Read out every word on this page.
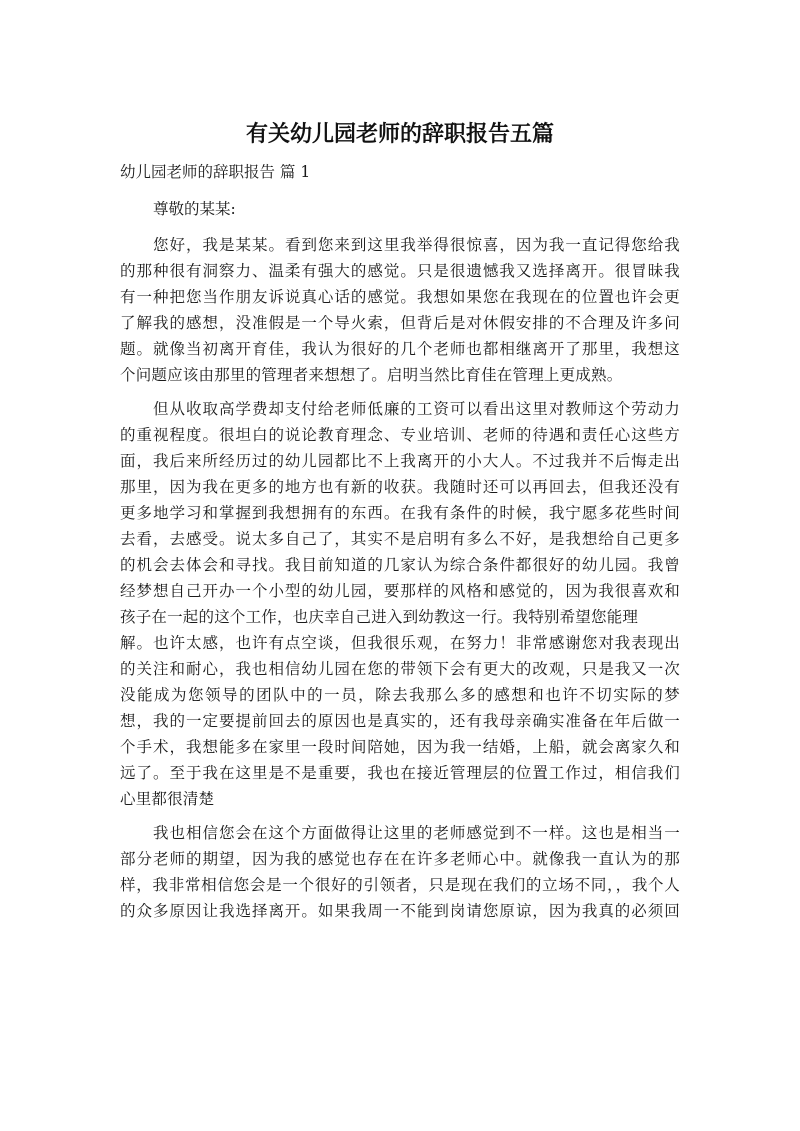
有关幼儿园老师的辞职报告五篇

幼儿园老师的辞职报告 篇 1

尊敬的某某:

您好，我是某某。看到您来到这里我举得很惊喜，因为我一直记得您给我

的那种很有洞察力、温柔有强大的感觉。只是很遗憾我又选择离开。很冒昧我

有一种把您当作朋友诉说真心话的感觉。我想如果您在我现在的位置也许会更

了解我的感想，没准假是一个导火索，但背后是对休假安排的不合理及许多问

题。就像当初离开育佳，我认为很好的几个老师也都相继离开了那里，我想这

个问题应该由那里的管理者来想想了。启明当然比育佳在管理上更成熟。

但从收取高学费却支付给老师低廉的工资可以看出这里对教师这个劳动力

的重视程度。很坦白的说论教育理念、专业培训、老师的待遇和责任心这些方

面，我后来所经历过的幼儿园都比不上我离开的小大人。不过我并不后悔走出

那里，因为我在更多的地方也有新的收获。我随时还可以再回去，但我还没有

更多地学习和掌握到我想拥有的东西。在我有条件的时候，我宁愿多花些时间

去看，去感受。说太多自己了，其实不是启明有多么不好，是我想给自己更多

的机会去体会和寻找。我目前知道的几家认为综合条件都很好的幼儿园。我曾

经梦想自己开办一个小型的幼儿园，要那样的风格和感觉的，因为我很喜欢和

孩子在一起的这个工作，也庆幸自己进入到幼教这一行。我特别希望您能理

解。也许太感，也许有点空谈，但我很乐观，在努力！非常感谢您对我表现出

的关注和耐心，我也相信幼儿园在您的带领下会有更大的改观，只是我又一次

没能成为您领导的团队中的一员，除去我那么多的感想和也许不切实际的梦

想，我的一定要提前回去的原因也是真实的，还有我母亲确实准备在年后做一

个手术，我想能多在家里一段时间陪她，因为我一结婚，上船，就会离家久和

远了。至于我在这里是不是重要，我也在接近管理层的位置工作过，相信我们

心里都很清楚

我也相信您会在这个方面做得让这里的老师感觉到不一样。这也是相当一

部分老师的期望，因为我的感觉也存在在许多老师心中。就像我一直认为的那

样，我非常相信您会是一个很好的引领者，只是现在我们的立场不同，，我个人

的众多原因让我选择离开。如果我周一不能到岗请您原谅，因为我真的必须回
